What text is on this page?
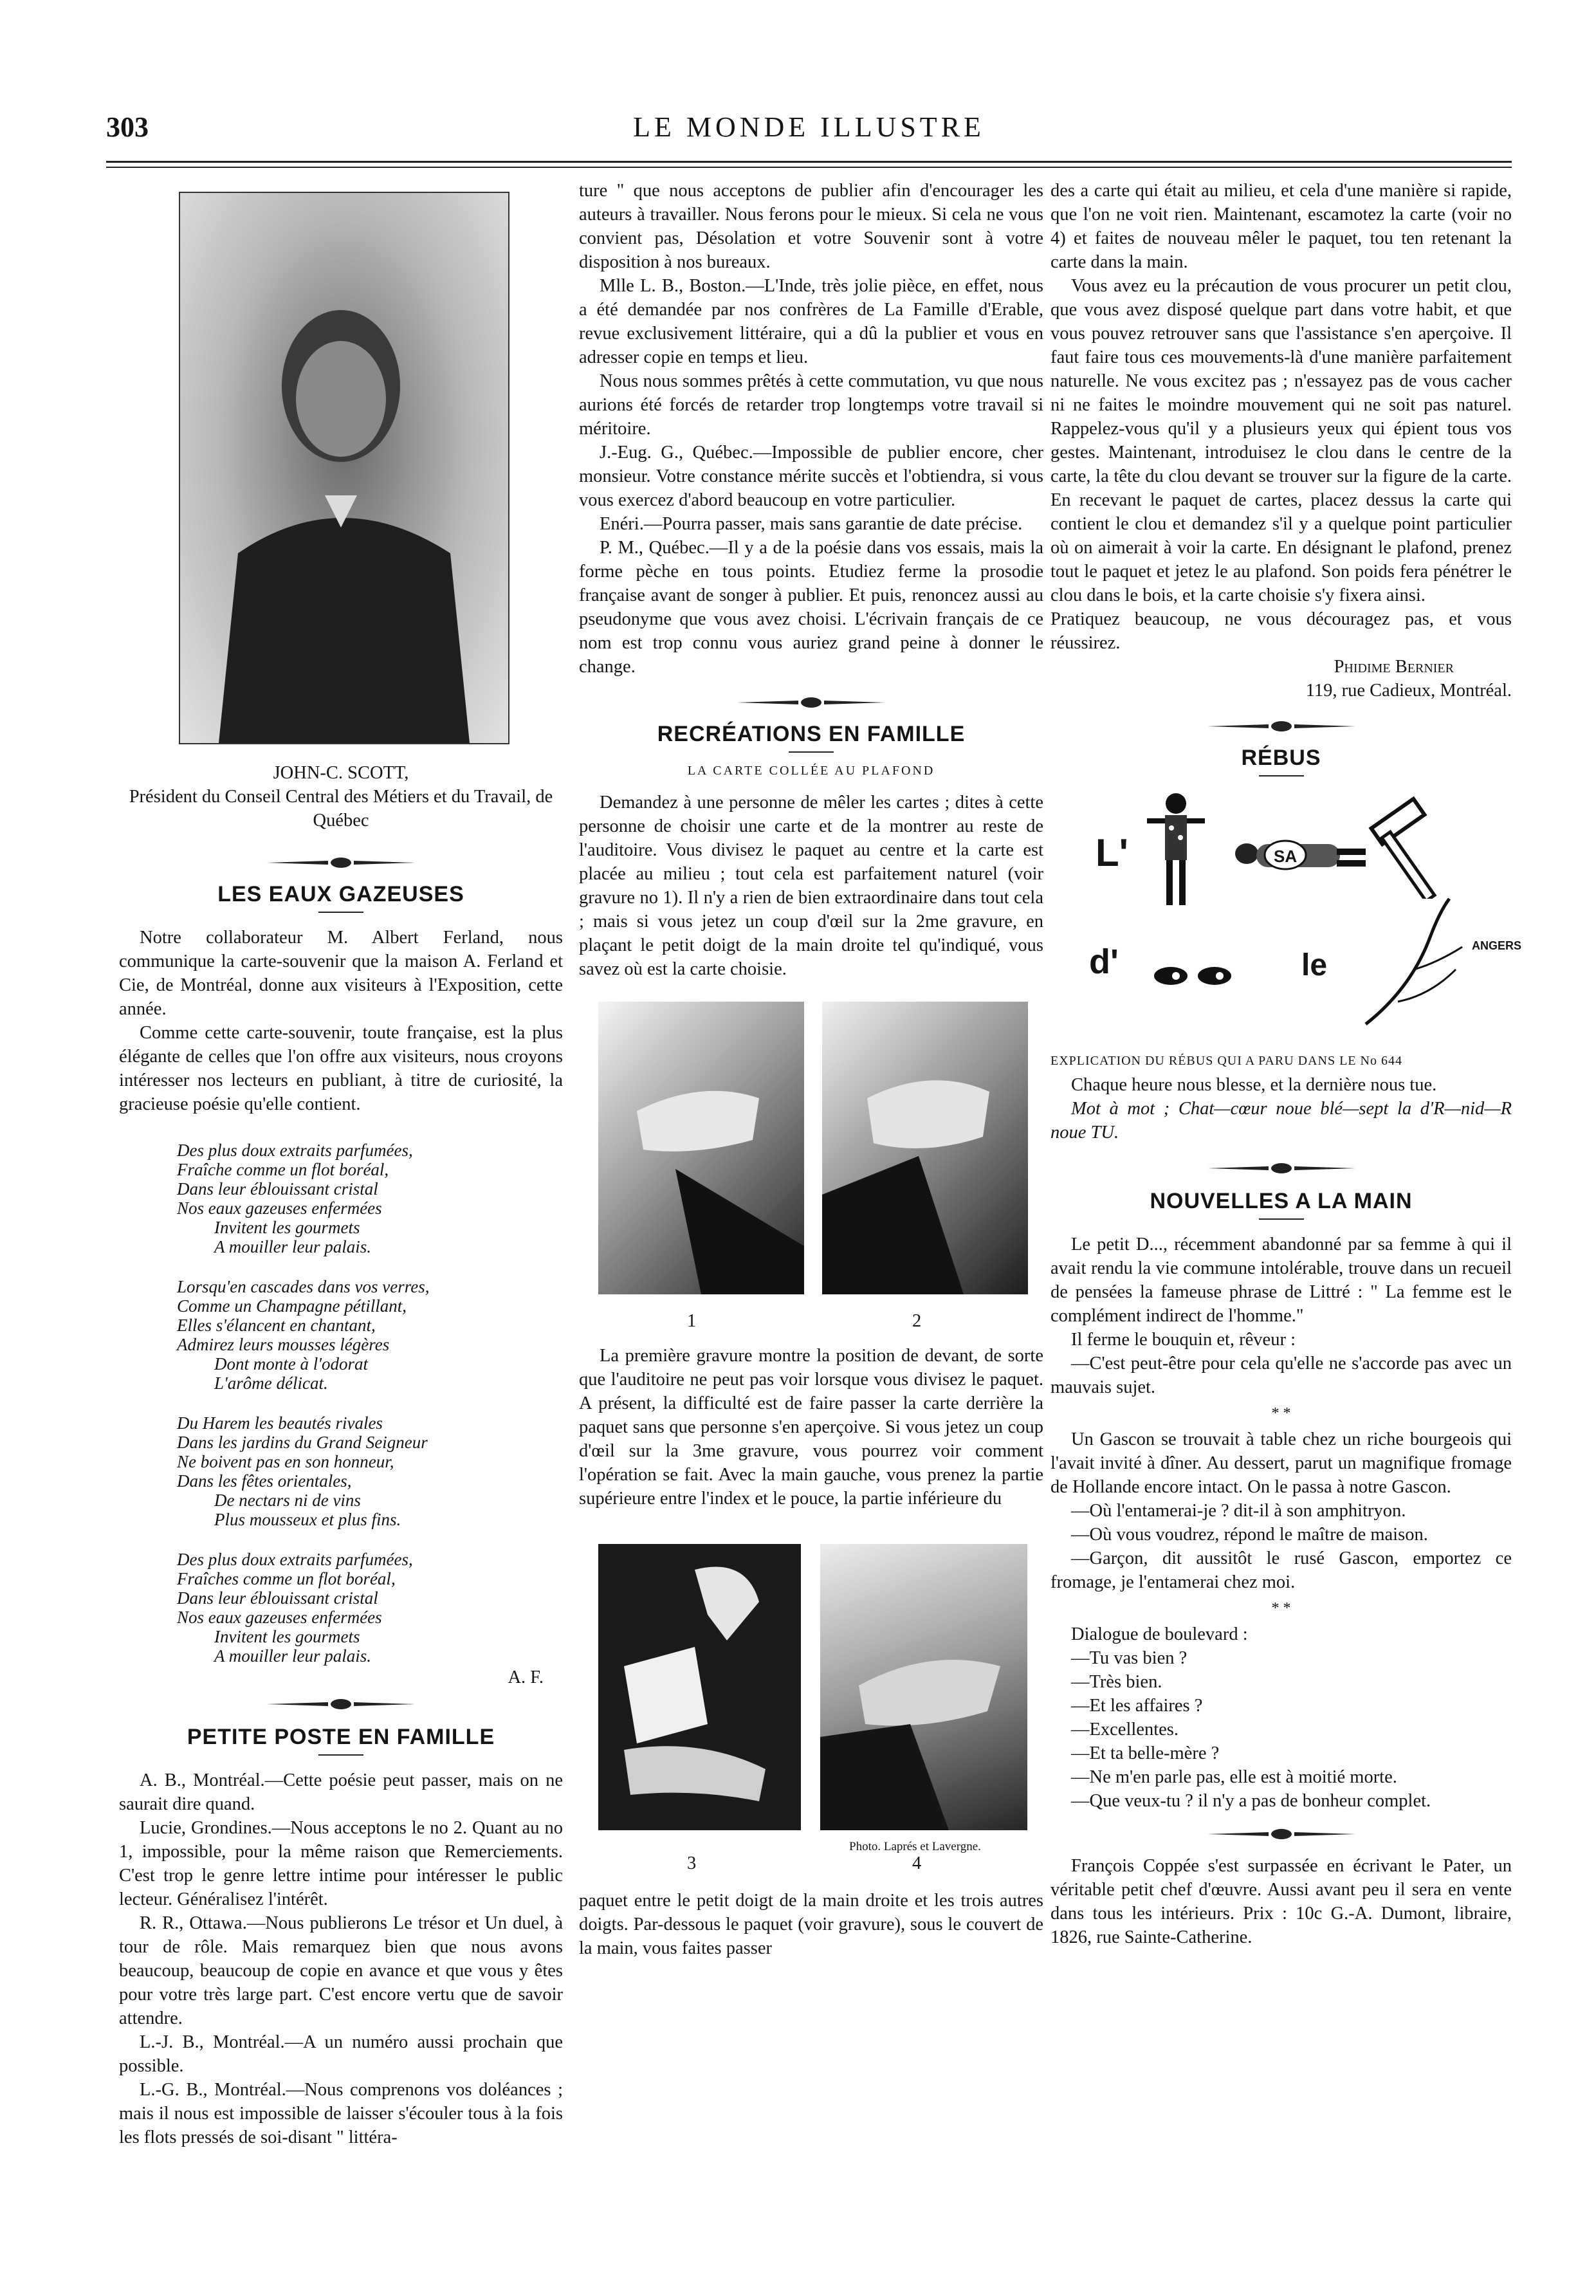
303	LE MONDE ILLUSTRE

JOHN-C. SCOTT,

Président du Conseil Central des Métiers et du Travail, de Québec

LES EAUX GAZEUSES

Notre collaborateur M. Albert Ferland, nous communique la carte-souvenir que la maison A. Ferland et Cie, de Montréal, donne aux visiteurs à l'Exposition, cette année.

Comme cette carte-souvenir, toute française, est la plus élégante de celles que l'on offre aux visiteurs, nous croyons intéresser nos lecteurs en publiant, à titre de curiosité, la gracieuse poésie qu'elle contient.

Des plus doux extraits parfumées,
Fraîche comme un flot boréal,
Dans leur éblouissant cristal
Nos eaux gazeuses enfermées
Invitent les gourmets
A mouiller leur palais.
Lorsqu'en cascades dans vos verres,
Comme un Champagne pétillant,
Elles s'élancent en chantant,
Admirez leurs mousses légères
Dont monte à l'odorat
L'arôme délicat.
Du Harem les beautés rivales
Dans les jardins du Grand Seigneur
Ne boivent pas en son honneur,
Dans les fêtes orientales,
De nectars ni de vins
Plus mousseux et plus fins.
Des plus doux extraits parfumées,
Fraîches comme un flot boréal,
Dans leur éblouissant cristal
Nos eaux gazeuses enfermées
Invitent les gourmets
A mouiller leur palais.

A. F.

PETITE POSTE EN FAMILLE

A. B., Montréal.—Cette poésie peut passer, mais on ne saurait dire quand.

Lucie, Grondines.—Nous acceptons le no 2. Quant au no 1, impossible, pour la même raison que Remerciements. C'est trop le genre lettre intime pour intéresser le public lecteur. Généralisez l'intérêt.

R. R., Ottawa.—Nous publierons Le trésor et Un duel, à tour de rôle. Mais remarquez bien que nous avons beaucoup, beaucoup de copie en avance et que vous y êtes pour votre très large part. C'est encore vertu que de savoir attendre.

L.-J. B., Montréal.—A un numéro aussi prochain que possible.

L.-G. B., Montréal.—Nous comprenons vos doléances ; mais il nous est impossible de laisser s'écouler tous à la fois les flots pressés de soi-disant " littéra-

ture " que nous acceptons de publier afin d'encourager les auteurs à travailler. Nous ferons pour le mieux. Si cela ne vous convient pas, Désolation et votre Souvenir sont à votre disposition à nos bureaux.

Mlle L. B., Boston.—L'Inde, très jolie pièce, en effet, nous a été demandée par nos confrères de La Famille d'Erable, revue exclusivement littéraire, qui a dû la publier et vous en adresser copie en temps et lieu.

Nous nous sommes prêtés à cette commutation, vu que nous aurions été forcés de retarder trop longtemps votre travail si méritoire.

J.-Eug. G., Québec.—Impossible de publier encore, cher monsieur. Votre constance mérite succès et l'obtiendra, si vous vous exercez d'abord beaucoup en votre particulier.

Enéri.—Pourra passer, mais sans garantie de date précise.

P. M., Québec.—Il y a de la poésie dans vos essais, mais la forme pèche en tous points. Etudiez ferme la prosodie française avant de songer à publier. Et puis, renoncez aussi au pseudonyme que vous avez choisi. L'écrivain français de ce nom est trop connu vous auriez grand peine à donner le change.

RECRÉATIONS EN FAMILLE

LA CARTE COLLÉE AU PLAFOND

Demandez à une personne de mêler les cartes ; dites à cette personne de choisir une carte et de la montrer au reste de l'auditoire. Vous divisez le paquet au centre et la carte est placée au milieu ; tout cela est parfaitement naturel (voir gravure no 1). Il n'y a rien de bien extraordinaire dans tout cela ; mais si vous jetez un coup d'œil sur la 2me gravure, en plaçant le petit doigt de la main droite tel qu'indiqué, vous savez où est la carte choisie.

1	2

La première gravure montre la position de devant, de sorte que l'auditoire ne peut pas voir lorsque vous divisez le paquet. A présent, la difficulté est de faire passer la carte derrière la paquet sans que personne s'en aperçoive. Si vous jetez un coup d'œil sur la 3me gravure, vous pourrez voir comment l'opération se fait. Avec la main gauche, vous prenez la partie supérieure entre l'index et le pouce, la partie inférieure du

Photo. Laprés et Lavergne.
3	4

paquet entre le petit doigt de la main droite et les trois autres doigts. Par-dessous le paquet (voir gravure), sous le couvert de la main, vous faites passer

des a carte qui était au milieu, et cela d'une manière si rapide, que l'on ne voit rien. Maintenant, escamotez la carte (voir no 4) et faites de nouveau mêler le paquet, tou ten retenant la carte dans la main.

Vous avez eu la précaution de vous procurer un petit clou, que vous avez disposé quelque part dans votre habit, et que vous pouvez retrouver sans que l'assistance s'en aperçoive. Il faut faire tous ces mouvements-là d'une manière parfaitement naturelle. Ne vous excitez pas ; n'essayez pas de vous cacher ni ne faites le moindre mouvement qui ne soit pas naturel. Rappelez-vous qu'il y a plusieurs yeux qui épient tous vos gestes. Maintenant, introduisez le clou dans le centre de la carte, la tête du clou devant se trouver sur la figure de la carte. En recevant le paquet de cartes, placez dessus la carte qui contient le clou et demandez s'il y a quelque point particulier où on aimerait à voir la carte. En désignant le plafond, prenez tout le paquet et jetez le au plafond. Son poids fera pénétrer le clou dans le bois, et la carte choisie s'y fixera ainsi.

Pratiquez beaucoup, ne vous découragez pas, et vous réussirez.

Phidime Bernier

119, rue Cadieux, Montréal.

RÉBUS

L'	SA
d'	le
ANGERS

EXPLICATION DU RÉBUS QUI A PARU DANS LE No 644

Chaque heure nous blesse, et la dernière nous tue.

Mot à mot ; Chat—cœur noue blé—sept la d'R—nid—R noue TU.

NOUVELLES A LA MAIN

Le petit D..., récemment abandonné par sa femme à qui il avait rendu la vie commune intolérable, trouve dans un recueil de pensées la fameuse phrase de Littré : " La femme est le complément indirect de l'homme."

Il ferme le bouquin et, rêveur :

—C'est peut-être pour cela qu'elle ne s'accorde pas avec un mauvais sujet.

* *

Un Gascon se trouvait à table chez un riche bourgeois qui l'avait invité à dîner. Au dessert, parut un magnifique fromage de Hollande encore intact. On le passa à notre Gascon.

—Où l'entamerai-je ? dit-il à son amphitryon.

—Où vous voudrez, répond le maître de maison.

—Garçon, dit aussitôt le rusé Gascon, emportez ce fromage, je l'entamerai chez moi.

* *

Dialogue de boulevard :

—Tu vas bien ?

—Très bien.

—Et les affaires ?

—Excellentes.

—Et ta belle-mère ?

—Ne m'en parle pas, elle est à moitié morte.

—Que veux-tu ? il n'y a pas de bonheur complet.

François Coppée s'est surpassée en écrivant le Pater, un véritable petit chef d'œuvre. Aussi avant peu il sera en vente dans tous les intérieurs. Prix : 10c G.-A. Dumont, libraire, 1826, rue Sainte-Catherine.
